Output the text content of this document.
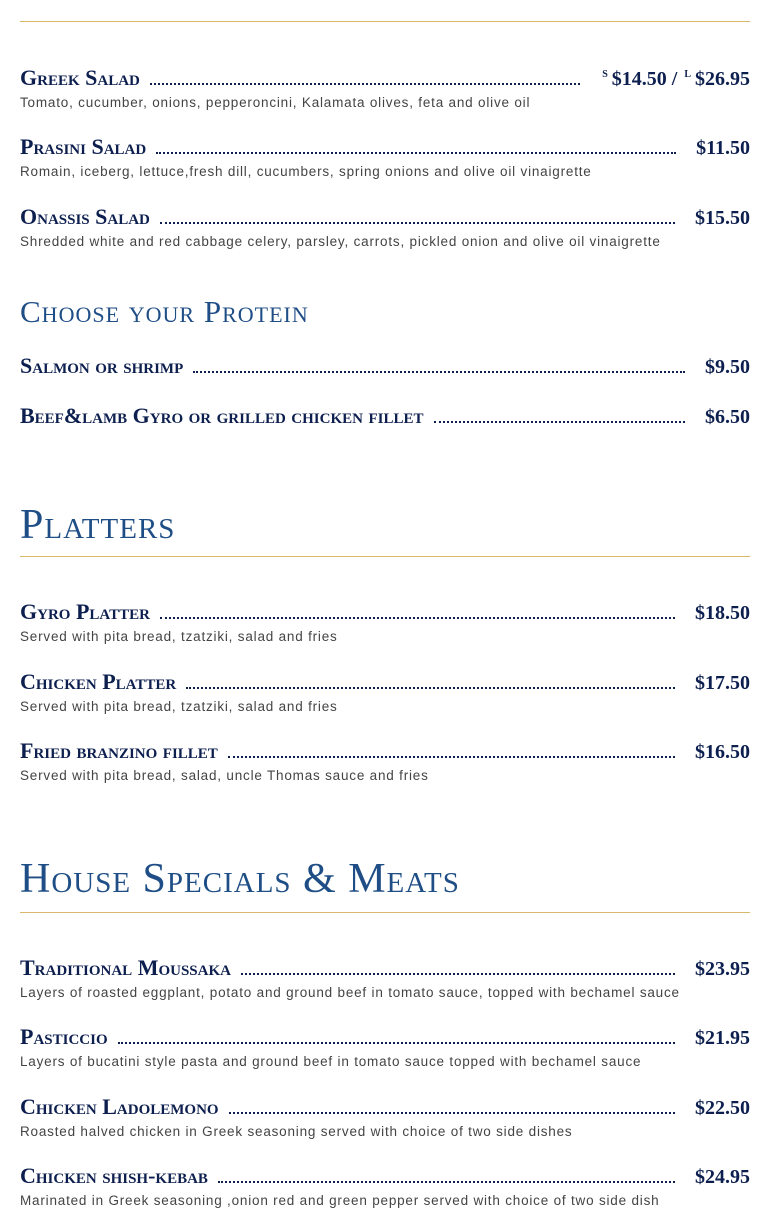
Greek Salad	$^S$ $14.50 / $^L$ $26.95
Tomato, cucumber, onions, pepperoncini, Kalamata olives, feta and olive oil
Prasini Salad	$11.50
Romain, iceberg, lettuce,fresh dill, cucumbers, spring onions and olive oil vinaigrette
Onassis Salad	$15.50
Shredded white and red cabbage celery, parsley, carrots, pickled onion and olive oil vinaigrette
Choose your Protein
Salmon or shrimp	$9.50
Beef&lamb Gyro or grilled chicken fillet	$6.50
Platters
Gyro Platter	$18.50
Served with pita bread, tzatziki, salad and fries
Chicken Platter	$17.50
Served with pita bread, tzatziki, salad and fries
Fried branzino fillet	$16.50
Served with pita bread, salad, uncle Thomas sauce and fries
House Specials & Meats
Traditional Moussaka	$23.95
Layers of roasted eggplant, potato and ground beef in tomato sauce, topped with bechamel sauce
Pasticcio	$21.95
Layers of bucatini style pasta and ground beef in tomato sauce topped with bechamel sauce
Chicken Ladolemono	$22.50
Roasted halved chicken in Greek seasoning served with choice of two side dishes
Chicken shish-kebab	$24.95
Marinated in Greek seasoning ,onion red and green pepper served with choice of two side dish
